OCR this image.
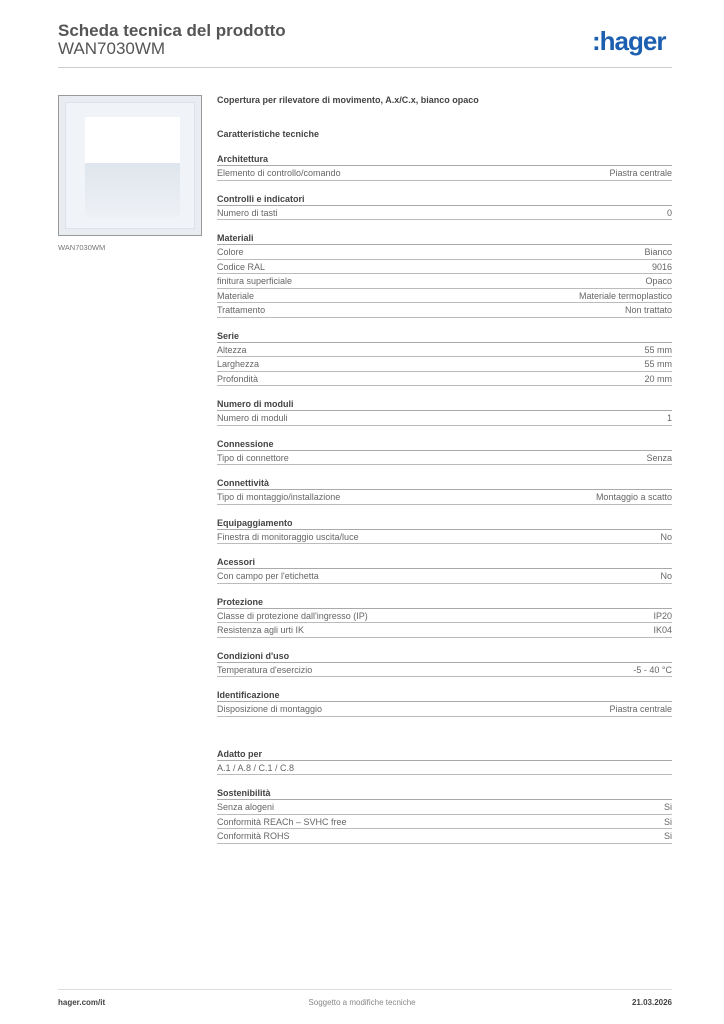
Scheda tecnica del prodotto
WAN7030WM	:hager
WAN7030WM
Copertura per rilevatore di movimento, A.x/C.x, bianco opaco
Caratteristiche tecniche
Architettura
Elemento di controllo/comando	Piastra centrale
Controlli e indicatori
Numero di tasti	0
Materiali
Colore	Bianco
Codice RAL	9016
finitura superficiale	Opaco
Materiale	Materiale termoplastico
Trattamento	Non trattato
Serie
Altezza	55 mm
Larghezza	55 mm
Profondità	20 mm
Numero di moduli
Numero di moduli	1
Connessione
Tipo di connettore	Senza
Connettività
Tipo di montaggio/installazione	Montaggio a scatto
Equipaggiamento
Finestra di monitoraggio uscita/luce	No
Acessori
Con campo per l'etichetta	No
Protezione
Classe di protezione dall'ingresso (IP)	IP20
Resistenza agli urti IK	IK04
Condizioni d'uso
Temperatura d'esercizio	-5 - 40 °C
Identificazione
Disposizione di montaggio	Piastra centrale
Adatto per
A.1 / A.8 / C.1 / C.8
Sostenibilità
Senza alogeni	Si
Conformità REACh – SVHC free	Si
Conformità ROHS	Si
hager.com/it	Soggetto a modifiche tecniche	21.03.2026
